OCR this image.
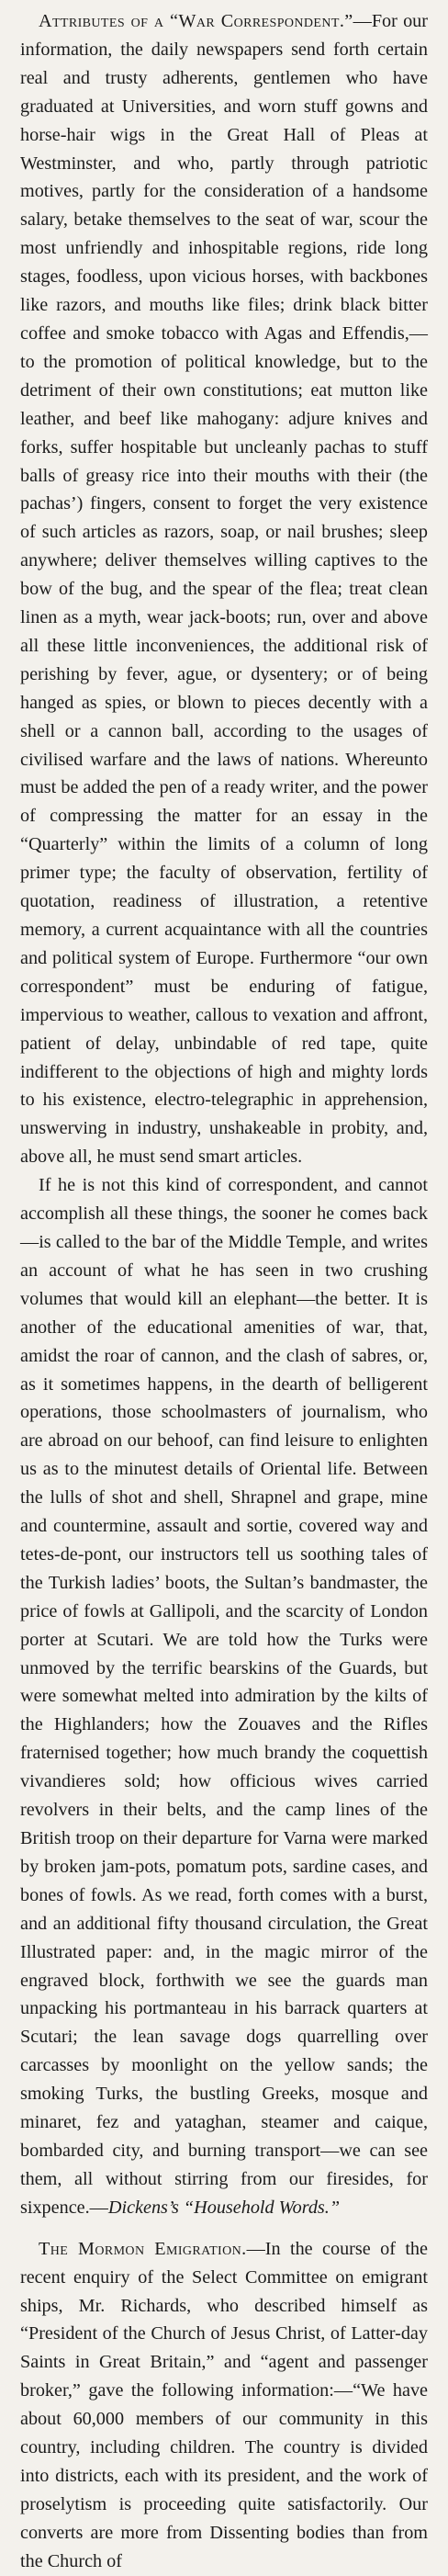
Attributes of a “War Correspondent.”—For our information, the daily newspapers send forth certain real and trusty adherents, gentlemen who have graduated at Universities, and worn stuff gowns and horse-hair wigs in the Great Hall of Pleas at Westminster, and who, partly through patriotic motives, partly for the consideration of a handsome salary, betake themselves to the seat of war, scour the most unfriendly and inhospitable regions, ride long stages, foodless, upon vicious horses, with backbones like razors, and mouths like files; drink black bitter coffee and smoke tobacco with Agas and Effendis,—to the promotion of political knowledge, but to the detriment of their own constitutions; eat mutton like leather, and beef like mahogany: adjure knives and forks, suffer hospitable but uncleanly pachas to stuff balls of greasy rice into their mouths with their (the pachas’) fingers, consent to forget the very existence of such articles as razors, soap, or nail brushes; sleep anywhere; deliver themselves willing captives to the bow of the bug, and the spear of the flea; treat clean linen as a myth, wear jack-boots; run, over and above all these little inconveniences, the additional risk of perishing by fever, ague, or dysentery; or of being hanged as spies, or blown to pieces decently with a shell or a cannon ball, according to the usages of civilised warfare and the laws of nations. Whereunto must be added the pen of a ready writer, and the power of compressing the matter for an essay in the “Quarterly” within the limits of a column of long primer type; the faculty of observation, fertility of quotation, readiness of illustration, a retentive memory, a current acquaintance with all the countries and political system of Europe. Furthermore “our own correspondent” must be enduring of fatigue, impervious to weather, callous to vexation and affront, patient of delay, unbindable of red tape, quite indifferent to the objections of high and mighty lords to his existence, electro-telegraphic in apprehension, unswerving in industry, unshakeable in probity, and, above all, he must send smart articles.

If he is not this kind of correspondent, and cannot accomplish all these things, the sooner he comes back—is called to the bar of the Middle Temple, and writes an account of what he has seen in two crushing volumes that would kill an elephant—the better. It is another of the educational amenities of war, that, amidst the roar of cannon, and the clash of sabres, or, as it sometimes happens, in the dearth of belligerent operations, those schoolmasters of journalism, who are abroad on our behoof, can find leisure to enlighten us as to the minutest details of Oriental life. Between the lulls of shot and shell, Shrapnel and grape, mine and countermine, assault and sortie, covered way and tetes-de-pont, our instructors tell us soothing tales of the Turkish ladies’ boots, the Sultan’s bandmaster, the price of fowls at Gallipoli, and the scarcity of London porter at Scutari. We are told how the Turks were unmoved by the terrific bearskins of the Guards, but were somewhat melted into admiration by the kilts of the Highlanders; how the Zouaves and the Rifles fraternised together; how much brandy the coquettish vivandieres sold; how officious wives carried revolvers in their belts, and the camp lines of the British troop on their departure for Varna were marked by broken jam-pots, pomatum pots, sardine cases, and bones of fowls. As we read, forth comes with a burst, and an additional fifty thousand circulation, the Great Illustrated paper: and, in the magic mirror of the engraved block, forthwith we see the guards man unpacking his portmanteau in his barrack quarters at Scutari; the lean savage dogs quarrelling over carcasses by moonlight on the yellow sands; the smoking Turks, the bustling Greeks, mosque and minaret, fez and yataghan, steamer and caique, bombarded city, and burning transport—we can see them, all without stirring from our firesides, for sixpence.—Dickens’s “Household Words.”

The Mormon Emigration.—In the course of the recent enquiry of the Select Committee on emigrant ships, Mr. Richards, who described himself as “President of the Church of Jesus Christ, of Latter-day Saints in Great Britain,” and “agent and passenger broker,” gave the following information:—“We have about 60,000 members of our community in this country, including children. The country is divided into districts, each with its president, and the work of proselytism is proceeding quite satisfactorily. Our converts are more from Dissenting bodies than from the Church of
